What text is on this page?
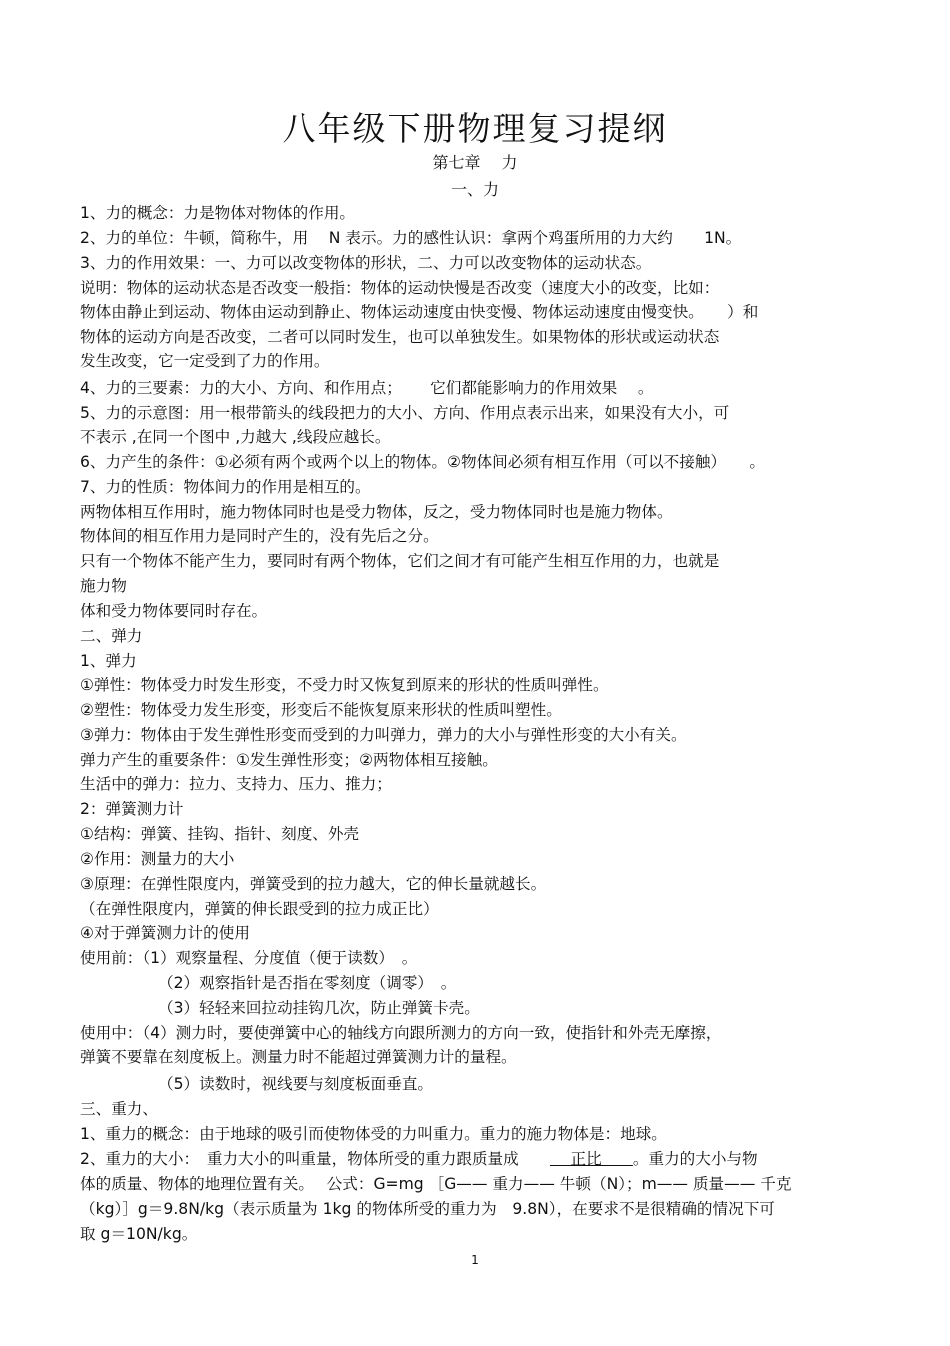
八年级下册物理复习提纲
第七章　 力
一、力
1、力的概念：力是物体对物体的作用。
2、力的单位：牛顿，简称牛，用　 N 表示。力的感性认识：拿两个鸡蛋所用的力大约　　1N。
3、力的作用效果：一、力可以改变物体的形状，二、力可以改变物体的运动状态。
说明：物体的运动状态是否改变一般指：物体的运动快慢是否改变（速度大小的改变，比如：
物体由静止到运动、物体由运动到静止、物体运动速度由快变慢、物体运动速度由慢变快。　　）和
物体的运动方向是否改变，二者可以同时发生，也可以单独发生。如果物体的形状或运动状态
发生改变，它一定受到了力的作用。
4、力的三要素：力的大小、方向、和作用点；　　 它们都能影响力的作用效果　 。
5、力的示意图：用一根带箭头的线段把力的大小、方向、作用点表示出来，如果没有大小，可
不表示 ,在同一个图中 ,力越大 ,线段应越长。
6、力产生的条件：①必须有两个或两个以上的物体。②物体间必须有相互作用（可以不接触）　　。
7、力的性质：物体间力的作用是相互的。
两物体相互作用时，施力物体同时也是受力物体，反之，受力物体同时也是施力物体。
物体间的相互作用力是同时产生的，没有先后之分。
只有一个物体不能产生力，要同时有两个物体，它们之间才有可能产生相互作用的力，也就是
施力物
体和受力物体要同时存在。
二、弹力
1、弹力
①弹性：物体受力时发生形变，不受力时又恢复到原来的形状的性质叫弹性。
②塑性：物体受力发生形变，形变后不能恢复原来形状的性质叫塑性。
③弹力：物体由于发生弹性形变而受到的力叫弹力，弹力的大小与弹性形变的大小有关。
弹力产生的重要条件：①发生弹性形变；②两物体相互接触。
生活中的弹力：拉力、支持力、压力、推力；
2：弹簧测力计
①结构：弹簧、挂钩、指针、刻度、外壳
②作用：测量力的大小
③原理：在弹性限度内，弹簧受到的拉力越大，它的伸长量就越长。
（在弹性限度内，弹簧的伸长跟受到的拉力成正比）
④对于弹簧测力计的使用
使用前：（1）观察量程、分度值（便于读数）　。
（2）观察指针是否指在零刻度（调零）　。
（3）轻轻来回拉动挂钩几次，防止弹簧卡壳。
使用中：（4）测力时，要使弹簧中心的轴线方向跟所测力的方向一致，使指针和外壳无摩擦，
弹簧不要靠在刻度板上。测量力时不能超过弹簧测力计的量程。
（5）读数时，视线要与刻度板面垂直。
三、重力、
1、重力的概念：由于地球的吸引而使物体受的力叫重力。重力的施力物体是：地球。
2、重力的大小：　重力大小的叫重量，物体所受的重力跟质量成　　　 正比　　。重力的大小与物
体的质量、物体的地理位置有关。　 公式：G=mg ［G—— 重力—— 牛顿（N）；m—— 质量—— 千克
（kg）］g＝9.8N/kg（表示质量为 1kg 的物体所受的重力为　9.8N），在要求不是很精确的情况下可
取 g＝10N/kg。
1
